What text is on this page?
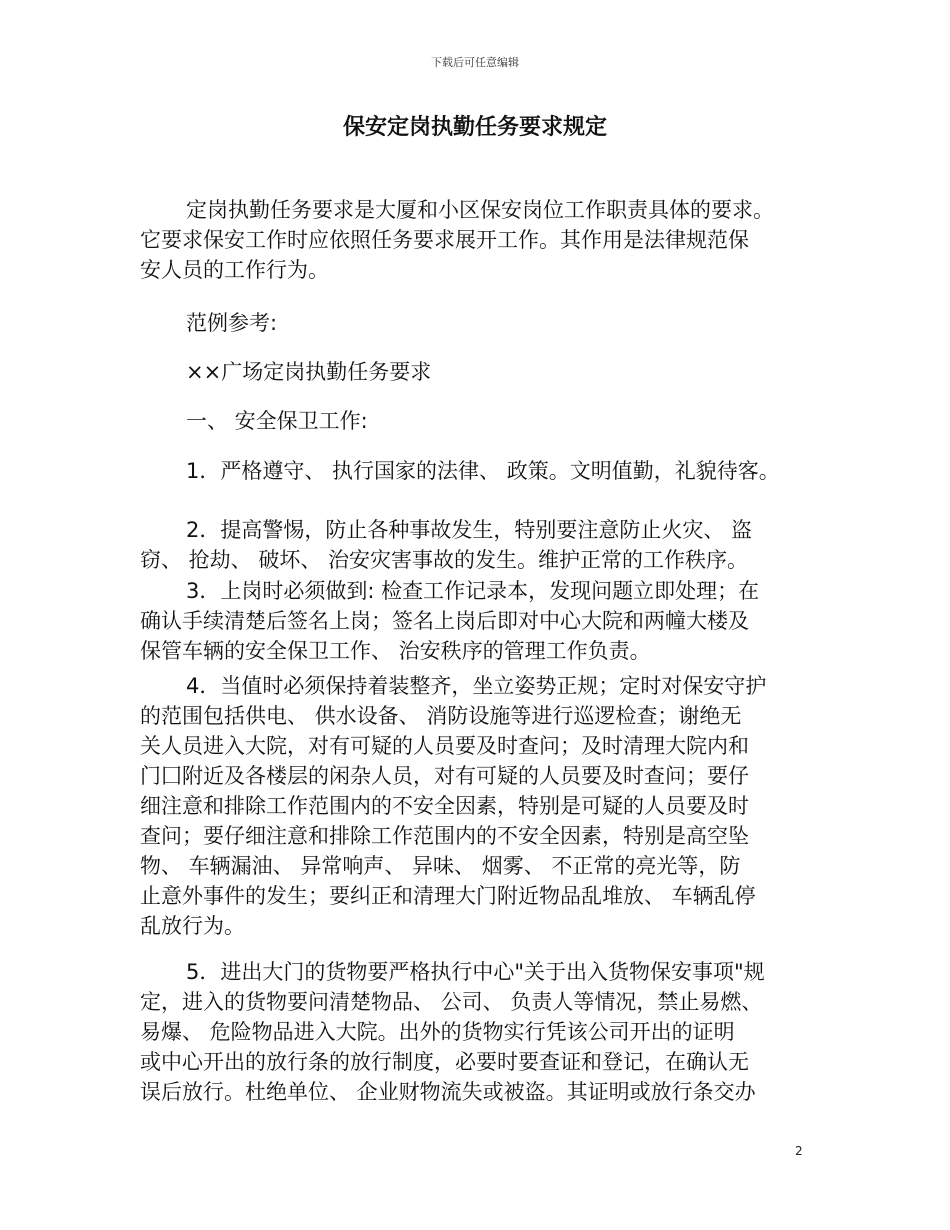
下载后可任意编辑
保安定岗执勤任务要求规定
定岗执勤任务要求是大厦和小区保安岗位工作职责具体的要求。
它要求保安工作时应依照任务要求展开工作。其作用是法律规范保
安人员的工作行为。
范例参考:
××广场定岗执勤任务要求
一、 安全保卫工作:
1．严格遵守、 执行国家的法律、 政策。文明值勤，礼貌待客。
2．提高警惕，防止各种事故发生，特别要注意防止火灾、 盗
窃、 抢劫、 破坏、 治安灾害事故的发生。维护正常的工作秩序。
3．上岗时必须做到: 检查工作记录本，发现问题立即处理；在
确认手续清楚后签名上岗；签名上岗后即对中心大院和两幢大楼及
保管车辆的安全保卫工作、 治安秩序的管理工作负责。
4．当值时必须保持着装整齐，坐立姿势正规；定时对保安守护
的范围包括供电、 供水设备、 消防设施等进行巡逻检查；谢绝无
关人员进入大院，对有可疑的人员要及时查问；及时清理大院内和
门囗附近及各楼层的闲杂人员，对有可疑的人员要及时查问；要仔
细注意和排除工作范围内的不安全因素，特别是可疑的人员要及时
查问；要仔细注意和排除工作范围内的不安全因素，特别是高空坠
物、 车辆漏油、 异常响声、 异味、 烟雾、 不正常的亮光等，防
止意外事件的发生；要纠正和清理大门附近物品乱堆放、 车辆乱停
乱放行为。
5．进出大门的货物要严格执行中心"关于出入货物保安事项"规
定，进入的货物要问清楚物品、 公司、 负责人等情况，禁止易燃、
易爆、 危险物品进入大院。出外的货物实行凭该公司开出的证明
或中心开出的放行条的放行制度，必要时要查证和登记，在确认无
误后放行。杜绝单位、 企业财物流失或被盗。其证明或放行条交办
2
